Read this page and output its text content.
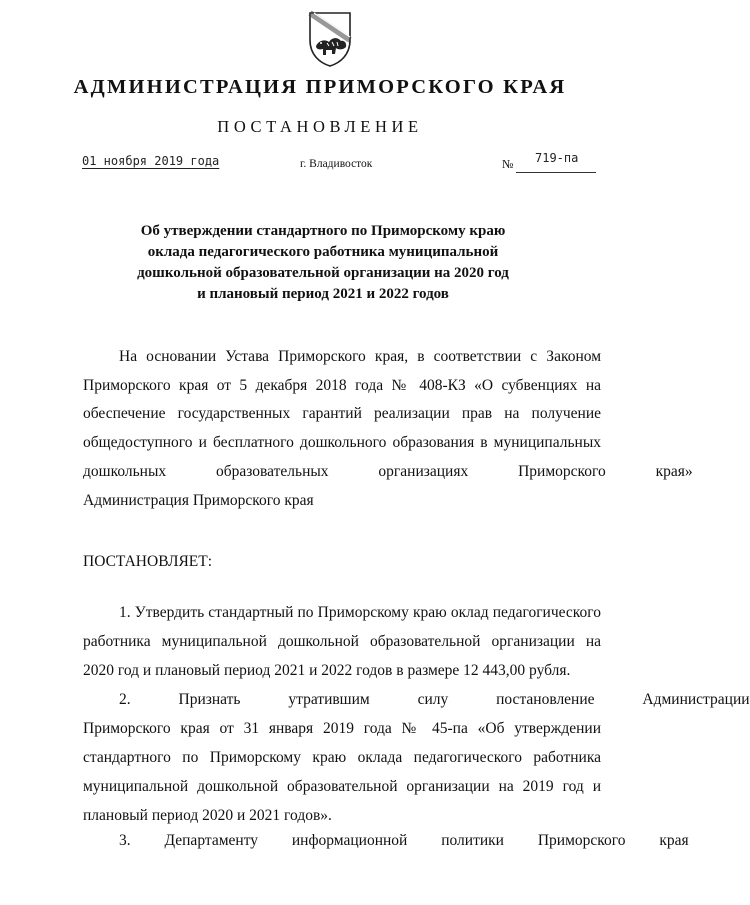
АДМИНИСТРАЦИЯ ПРИМОРСКОГО КРАЯ
ПОСТАНОВЛЕНИЕ
01 ноября 2019 года	г. Владивосток	№ 719-па
Об утверждении стандартного по Приморскому краю
оклада педагогического работника муниципальной
дошкольной образовательной организации на 2020 год
и плановый период 2021 и 2022 годов
На основании Устава Приморского края, в соответствии с Законом
Приморского края от 5 декабря 2018 года № 408-КЗ «О субвенциях на
обеспечение государственных гарантий реализации прав на получение
общедоступного и бесплатного дошкольного образования в муниципальных
дошкольных образовательных организациях Приморского края»
Администрация Приморского края
ПОСТАНОВЛЯЕТ:
1. Утвердить стандартный по Приморскому краю оклад педагогического
работника муниципальной дошкольной образовательной организации на
2020 год и плановый период 2021 и 2022 годов в размере 12 443,00 рубля.
2. Признать утратившим силу постановление Администрации
Приморского края от 31 января 2019 года № 45-па «Об утверждении
стандартного по Приморскому краю оклада педагогического работника
муниципальной дошкольной образовательной организации на 2019 год и
плановый период 2020 и 2021 годов».
3. Департаменту информационной политики Приморского края
